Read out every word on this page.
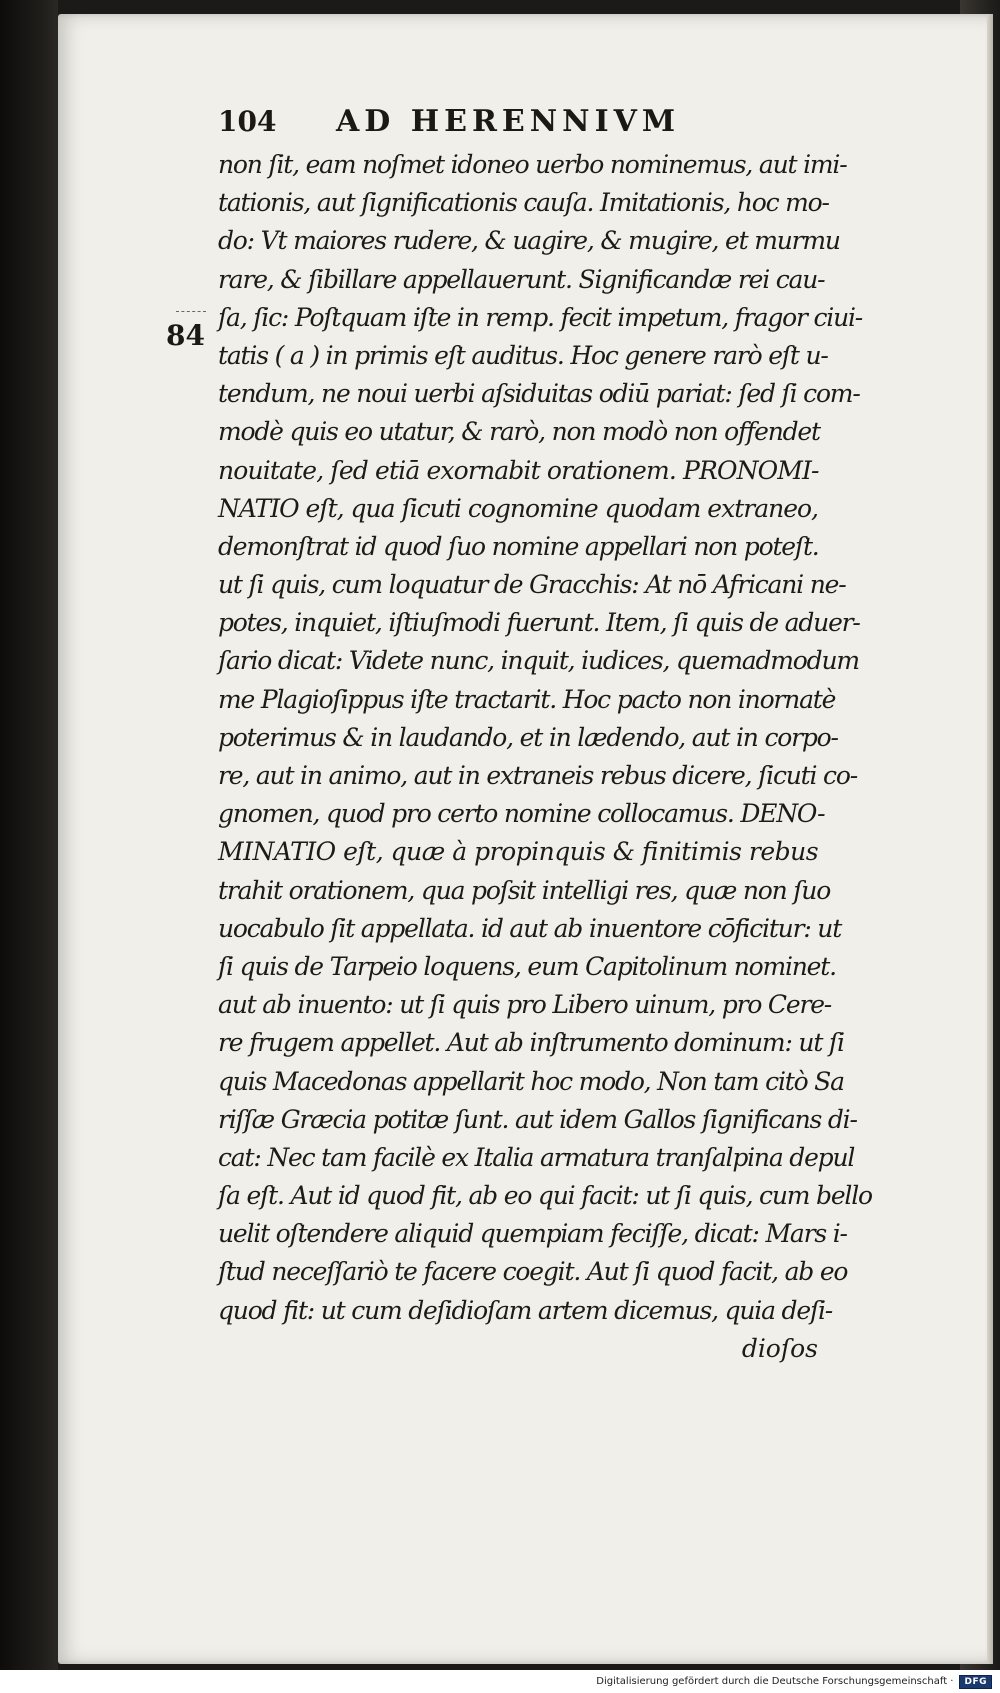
104	AD HERENNIVM
84
non ſit, eam noſmet idoneo uerbo nominemus, aut imi-
tationis, aut ſignificationis cauſa. Imitationis, hoc mo-
do: Vt maiores rudere, & uagire, & mugire, et murmu
rare, & ſibillare appellauerunt. Significandæ rei cau-
ſa, ſic: Poſtquam iſte in remp. fecit impetum, fragor ciui-
tatis ( a ) in primis eſt auditus. Hoc genere rarò eſt u-
tendum, ne noui uerbi aſsiduitas odiū pariat: ſed ſi com-
modè quis eo utatur, & rarò, non modò non offendet
nouitate, ſed etiā exornabit orationem. PRONOMI-
NATIO eſt, qua ſicuti cognomine quodam extraneo,
demonſtrat id quod ſuo nomine appellari non poteſt.
ut ſi quis, cum loquatur de Gracchis: At nō Africani ne-
potes, inquiet, iſtiuſmodi fuerunt. Item, ſi quis de aduer-
ſario dicat: Videte nunc, inquit, iudices, quemadmodum
me Plagioſippus iſte tractarit. Hoc pacto non inornatè
poterimus & in laudando, et in lædendo, aut in corpo-
re, aut in animo, aut in extraneis rebus dicere, ſicuti co-
gnomen, quod pro certo nomine collocamus. DENO-
MINATIO eſt, quæ à propinquis & finitimis rebus
trahit orationem, qua poſsit intelligi res, quæ non ſuo
uocabulo ſit appellata. id aut ab inuentore cōficitur: ut
ſi quis de Tarpeio loquens, eum Capitolinum nominet.
aut ab inuento: ut ſi quis pro Libero uinum, pro Cere-
re frugem appellet. Aut ab inſtrumento dominum: ut ſi
quis Macedonas appellarit hoc modo, Non tam citò Sa
riſſæ Græcia potitæ ſunt. aut idem Gallos ſignificans di-
cat: Nec tam facilè ex Italia armatura tranſalpina depul
ſa eſt. Aut id quod fit, ab eo qui facit: ut ſi quis, cum bello
uelit oſtendere aliquid quempiam feciſſe, dicat: Mars i-
ſtud neceſſariò te facere coegit. Aut ſi quod facit, ab eo
quod fit: ut cum deſidioſam artem dicemus, quia deſi-
dioſos
Digitalisierung gefördert durch die Deutsche Forschungsgemeinschaft ·	DFG
